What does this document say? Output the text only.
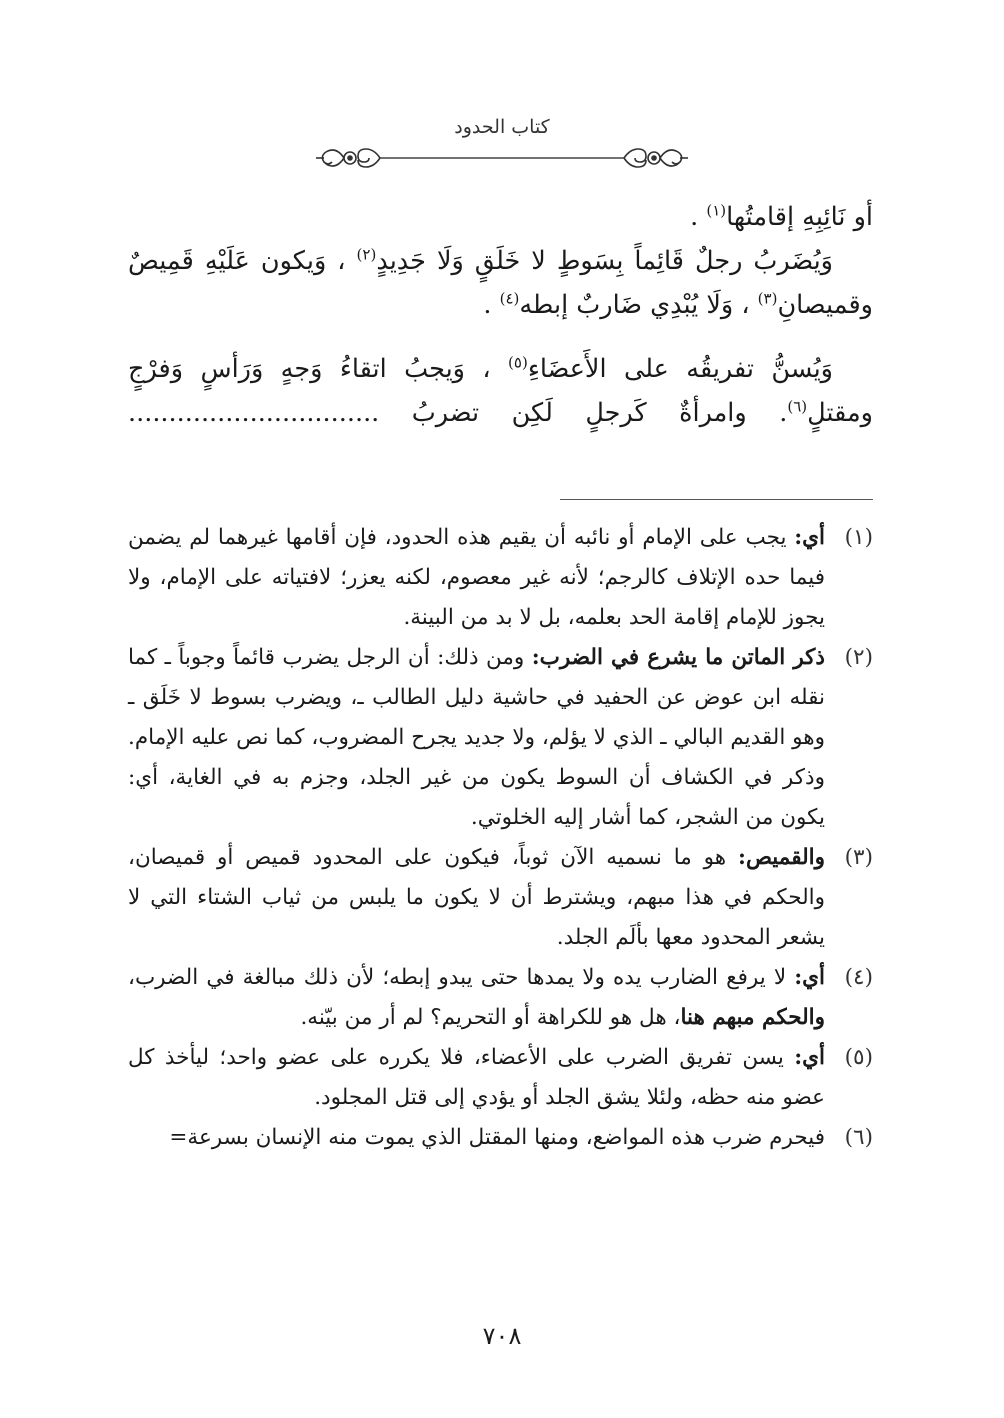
كتاب الحدود

أو نَائِبِهِ إقامتُها$^{(١)}$ .

وَيُضَربُ رجلٌ قَائِماً بِسَوطٍ لا خَلَقٍ وَلَا جَدِيدٍ$^{(٢)}$ ، وَيكون عَلَيْهِ قَمِيصٌ وقميصانِ$^{(٣)}$ ، وَلَا يُبْدِي ضَاربٌ إبطه$^{(٤)}$ .

وَيُسنُّ تفريقُه على الأَعضَاءِ$^{(٥)}$ ، وَيجبُ اتقاءُ وَجهٍ وَرَأسٍ وَفرْجٍ ومقتلٍ$^{(٦)}$. وامرأةٌ كَرجلٍ لَكِن تضربُ ...............................

(١)
أي: يجب على الإمام أو نائبه أن يقيم هذه الحدود، فإن أقامها غيرهما لم يضمن فيما حده الإتلاف كالرجم؛ لأنه غير معصوم، لكنه يعزر؛ لافتياته على الإمام، ولا يجوز للإمام إقامة الحد بعلمه، بل لا بد من البينة.
(٢)
ذكر الماتن ما يشرع في الضرب: ومن ذلك: أن الرجل يضرب قائماً وجوباً ـ كما نقله ابن عوض عن الحفيد في حاشية دليل الطالب ـ، ويضرب بسوط لا خَلَق ـ وهو القديم البالي ـ الذي لا يؤلم، ولا جديد يجرح المضروب، كما نص عليه الإمام. وذكر في الكشاف أن السوط يكون من غير الجلد، وجزم به في الغاية، أي: يكون من الشجر، كما أشار إليه الخلوتي.
(٣)
والقميص: هو ما نسميه الآن ثوباً، فيكون على المحدود قميص أو قميصان، والحكم في هذا مبهم، ويشترط أن لا يكون ما يلبس من ثياب الشتاء التي لا يشعر المحدود معها بألَم الجلد.
(٤)
أي: لا يرفع الضارب يده ولا يمدها حتى يبدو إبطه؛ لأن ذلك مبالغة في الضرب، والحكم مبهم هنا، هل هو للكراهة أو التحريم؟ لم أر من بيّنه.
(٥)
أي: يسن تفريق الضرب على الأعضاء، فلا يكرره على عضو واحد؛ ليأخذ كل عضو منه حظه، ولئلا يشق الجلد أو يؤدي إلى قتل المجلود.
(٦)
فيحرم ضرب هذه المواضع، ومنها المقتل الذي يموت منه الإنسان بسرعة=
٧٠٨
